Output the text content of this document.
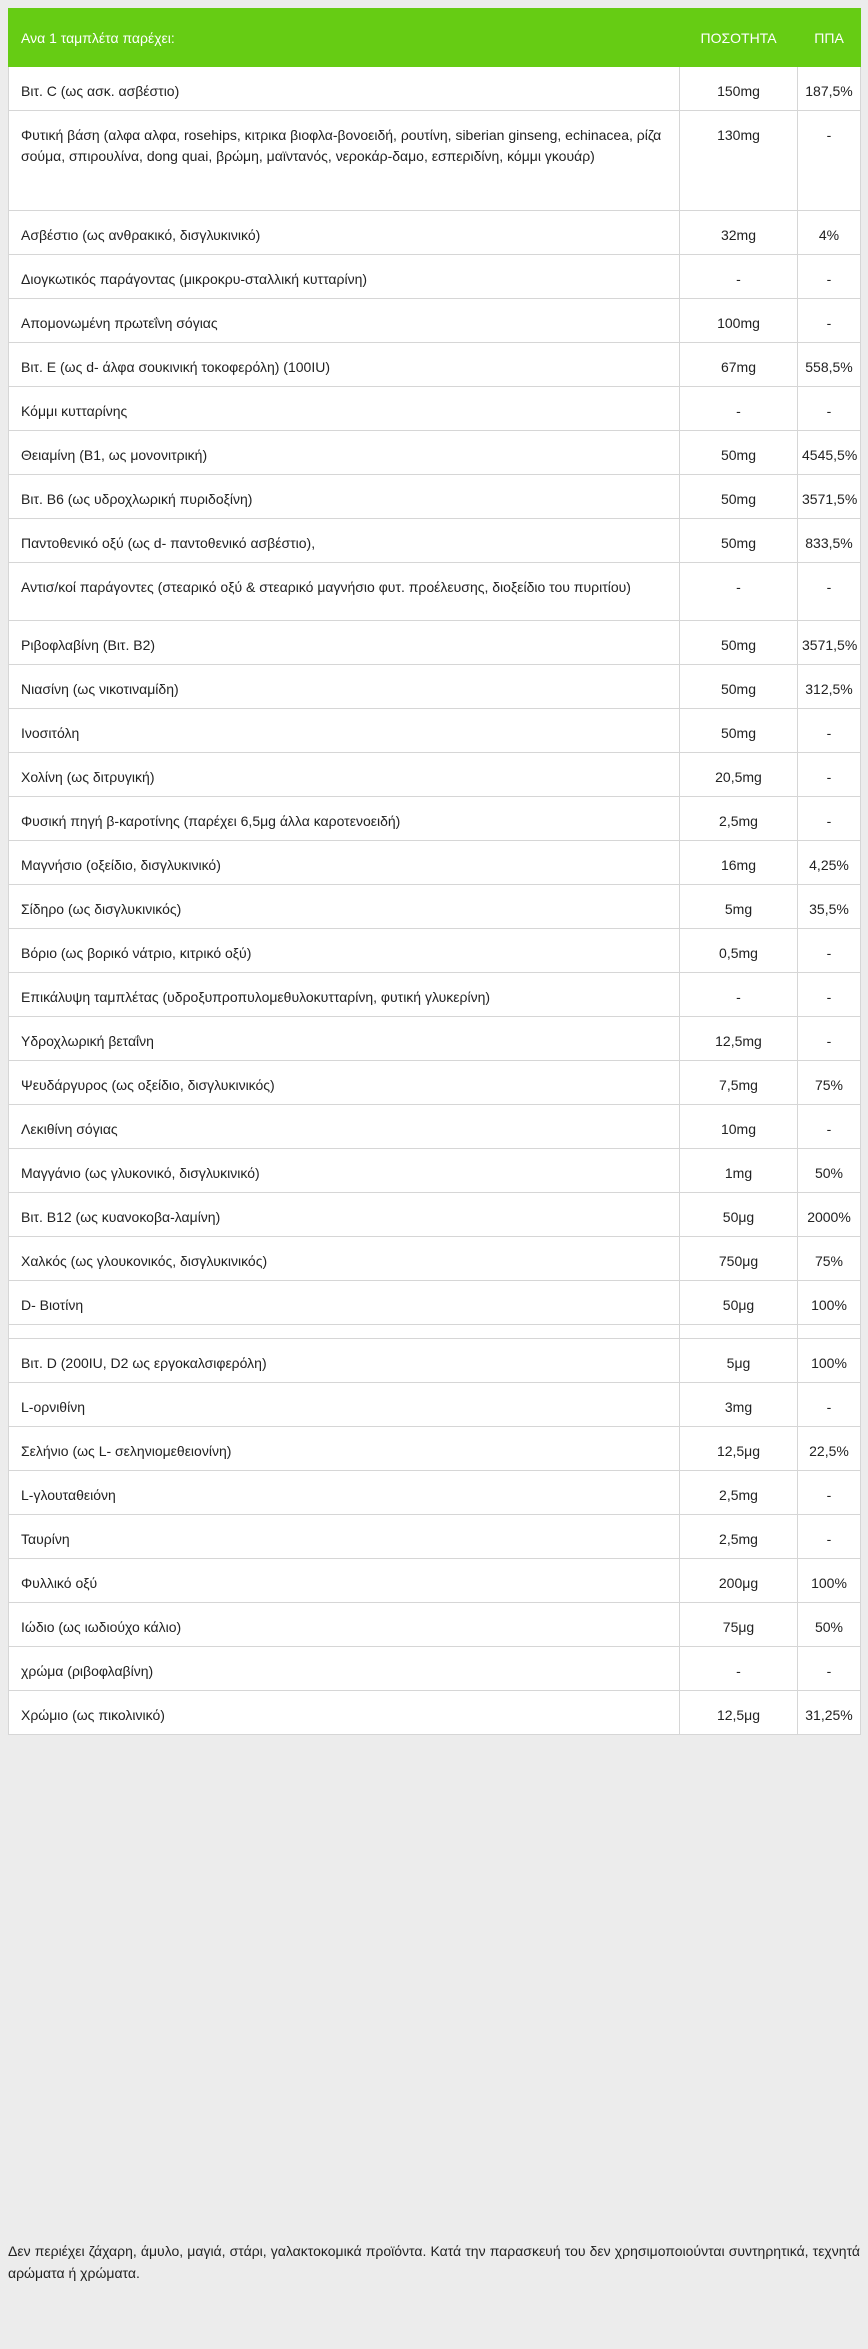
Ανα 1 ταμπλέτα παρέχει:	ΠΟΣΟΤΗΤΑ	ΠΠΑ
Βιτ. C (ως ασκ. ασβέστιο)	150mg	187,5%
Φυτική βάση (αλφα αλφα, rosehips, κιτρικα βιοφλα-βονοειδή, ρουτίνη, siberian ginseng, echinacea, ρίζα σούμα, σπιρουλίνα, dong quai, βρώμη, μαϊντανός, νεροκάρ-δαμο, εσπεριδίνη, κόμμι γκουάρ)	130mg	-
Ασβέστιο (ως ανθρακικό, δισγλυκινικό)	32mg	4%
Διογκωτικός παράγοντας (μικροκρυ-σταλλική κυτταρίνη)	-	-
Απομονωμένη πρωτεΐνη σόγιας	100mg	-
Βιτ. Ε (ως d- άλφα σουκινική τοκοφερόλη) (100IU)	67mg	558,5%
Κόμμι κυτταρίνης	-	-
Θειαμίνη (Β1, ως μονονιτρική)	50mg	4545,5%
Βιτ. Β6 (ως υδροχλωρική πυριδοξίνη)	50mg	3571,5%
Παντοθενικό οξύ (ως d- παντοθενικό ασβέστιο),	50mg	833,5%
Αντισ/κοί παράγοντες (στεαρικό οξύ & στεαρικό μαγνήσιο φυτ. προέλευσης, διοξείδιο του πυριτίου)	-	-
Ριβοφλαβίνη (Βιτ. Β2)	50mg	3571,5%
Νιασίνη (ως νικοτιναμίδη)	50mg	312,5%
Ινοσιτόλη	50mg	-
Χολίνη (ως διτρυγική)	20,5mg	-
Φυσική πηγή β-καροτίνης (παρέχει 6,5μg άλλα καροτενοειδή)	2,5mg	-
Μαγνήσιο (οξείδιο, δισγλυκινικό)	16mg	4,25%
Σίδηρο (ως δισγλυκινικός)	5mg	35,5%
Βόριο (ως βορικό νάτριο, κιτρικό οξύ)	0,5mg	-
Επικάλυψη ταμπλέτας (υδροξυπροπυλομεθυλοκυτταρίνη, φυτική γλυκερίνη)	-	-
Υδροχλωρική βεταΐνη	12,5mg	-
Ψευδάργυρος (ως οξείδιο, δισγλυκινικός)	7,5mg	75%
Λεκιθίνη σόγιας	10mg	-
Μαγγάνιο (ως γλυκονικό, δισγλυκινικό)	1mg	50%
Βιτ. Β12 (ως κυανοκοβα-λαμίνη)	50μg	2000%
Χαλκός (ως γλουκονικός, δισγλυκινικός)	750μg	75%
D- Βιοτίνη	50μg	100%

Βιτ. D (200IU, D2 ως εργοκαλσιφερόλη)	5μg	100%
L-ορνιθίνη	3mg	-
Σελήνιο (ως L- σεληνιομεθειονίνη)	12,5μg	22,5%
L-γλουταθειόνη	2,5mg	-
Ταυρίνη	2,5mg	-
Φυλλικό οξύ	200μg	100%
Ιώδιο (ως ιωδιούχο κάλιο)	75μg	50%
χρώμα (ριβοφλαβίνη)	-	-
Χρώμιο (ως πικολινικό)	12,5μg	31,25%
Δεν περιέχει ζάχαρη, άμυλο, μαγιά, στάρι, γαλακτοκομικά προϊόντα. Κατά την παρασκευή του δεν χρησιμοποιούνται συντηρητικά, τεχνητά αρώματα ή χρώματα.
